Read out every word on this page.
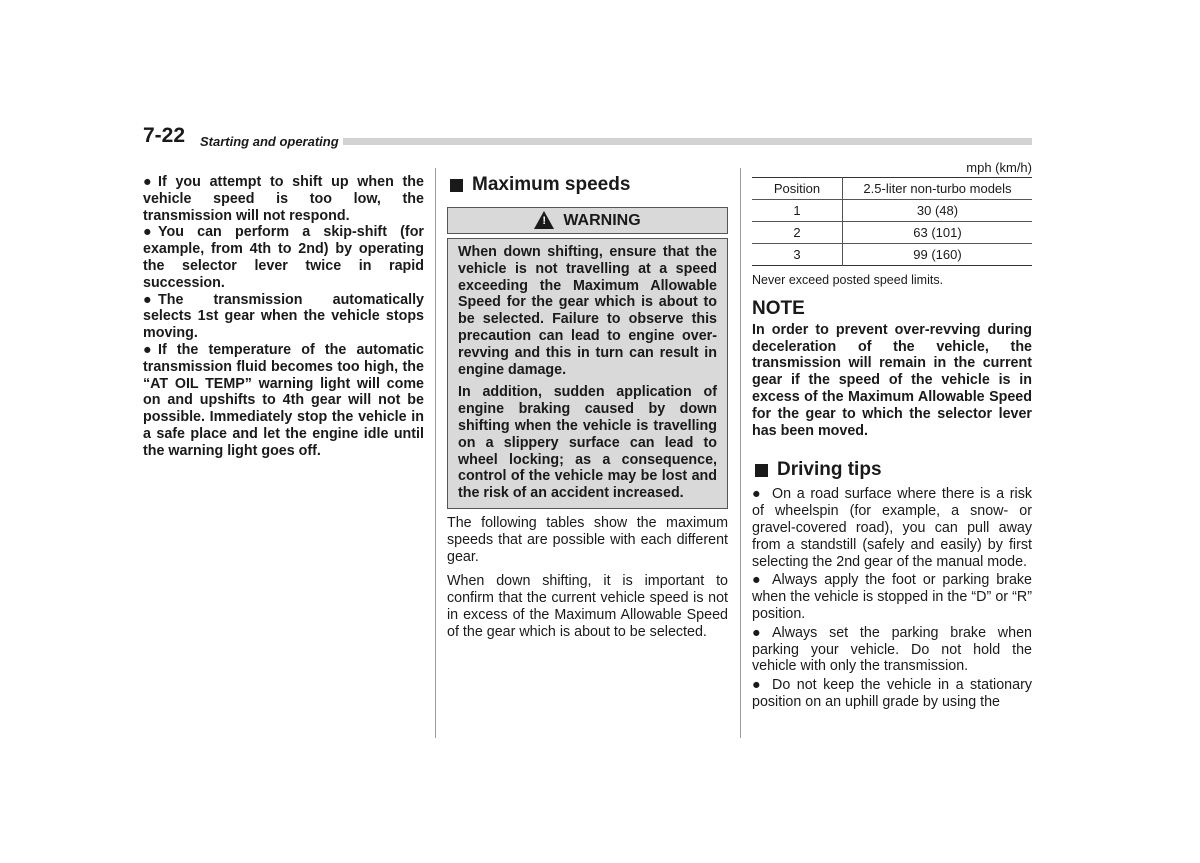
7-22 Starting and operating

● If you attempt to shift up when the vehicle speed is too low, the transmission will not respond.

● You can perform a skip-shift (for example, from 4th to 2nd) by operating the selector lever twice in rapid succession.

● The transmission automatically selects 1st gear when the vehicle stops moving.

● If the temperature of the automatic transmission fluid becomes too high, the “AT OIL TEMP” warning light will come on and upshifts to 4th gear will not be possible. Immediately stop the vehicle in a safe place and let the engine idle until the warning light goes off.

Maximum speeds
! WARNING

When down shifting, ensure that the vehicle is not travelling at a speed exceeding the Maximum Allowable Speed for the gear which is about to be selected. Failure to observe this precaution can lead to engine over-revving and this in turn can result in engine damage.

In addition, sudden application of engine braking caused by down shifting when the vehicle is travelling on a slippery surface can lead to wheel locking; as a consequence, control of the vehicle may be lost and the risk of an accident increased.

The following tables show the maximum speeds that are possible with each different gear.

When down shifting, it is important to confirm that the current vehicle speed is not in excess of the Maximum Allowable Speed of the gear which is about to be selected.

mph (km/h)
Position	2.5-liter non-turbo models
1	30 (48)
2	63 (101)
3	99 (160)

Never exceed posted speed limits.

NOTE

In order to prevent over-revving during deceleration of the vehicle, the transmission will remain in the current gear if the speed of the vehicle is in excess of the Maximum Allowable Speed for the gear to which the selector lever has been moved.

Driving tips

● On a road surface where there is a risk of wheelspin (for example, a snow- or gravel-covered road), you can pull away from a standstill (safely and easily) by first selecting the 2nd gear of the manual mode.

● Always apply the foot or parking brake when the vehicle is stopped in the “D” or “R” position.

● Always set the parking brake when parking your vehicle. Do not hold the vehicle with only the transmission.

● Do not keep the vehicle in a stationary position on an uphill grade by using the
